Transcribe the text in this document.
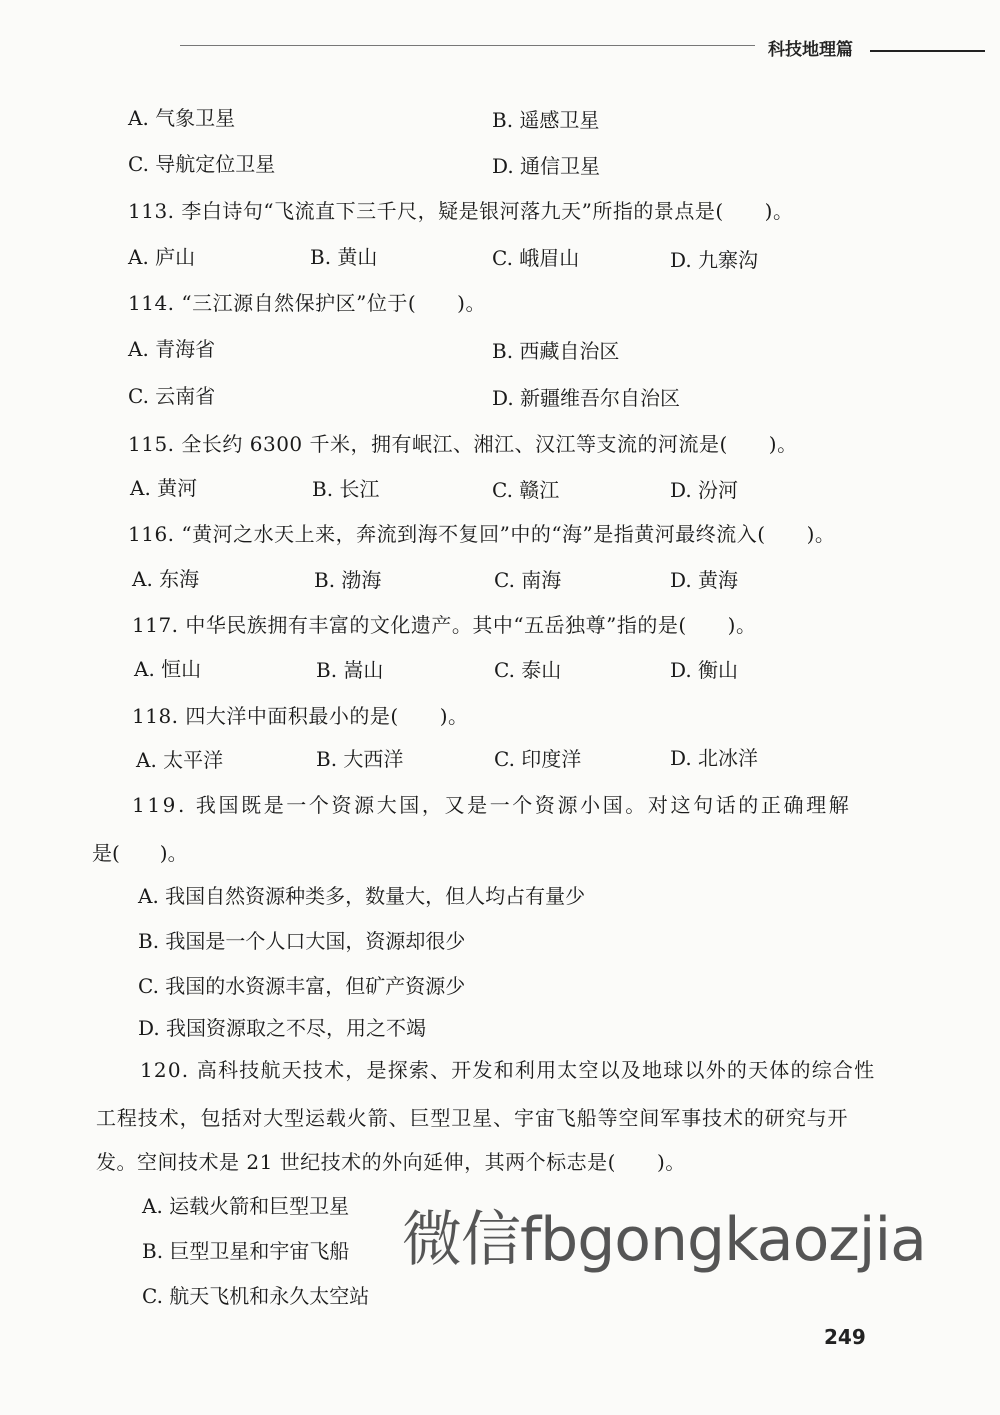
科技地理篇
A. 气象卫星	B. 遥感卫星
C. 导航定位卫星	D. 通信卫星
113. 李白诗句“飞流直下三千尺，疑是银河落九天”所指的景点是(　　)。
A. 庐山	B. 黄山	C. 峨眉山	D. 九寨沟
114. “三江源自然保护区”位于(　　)。
A. 青海省	B. 西藏自治区
C. 云南省	D. 新疆维吾尔自治区
115. 全长约 6300 千米，拥有岷江、湘江、汉江等支流的河流是(　　)。
A. 黄河	B. 长江	C. 赣江	D. 汾河
116. “黄河之水天上来，奔流到海不复回”中的“海”是指黄河最终流入(　　)。
A. 东海	B. 渤海	C. 南海	D. 黄海
117. 中华民族拥有丰富的文化遗产。其中“五岳独尊”指的是(　　)。
A. 恒山	B. 嵩山	C. 泰山	D. 衡山
118. 四大洋中面积最小的是(　　)。
A. 太平洋	B. 大西洋	C. 印度洋	D. 北冰洋
119. 我国既是一个资源大国，又是一个资源小国。对这句话的正确理解
是(　　)。
A. 我国自然资源种类多，数量大，但人均占有量少
B. 我国是一个人口大国，资源却很少
C. 我国的水资源丰富，但矿产资源少
D. 我国资源取之不尽，用之不竭
120. 高科技航天技术，是探索、开发和利用太空以及地球以外的天体的综合性
工程技术，包括对大型运载火箭、巨型卫星、宇宙飞船等空间军事技术的研究与开
发。空间技术是 21 世纪技术的外向延伸，其两个标志是(　　)。
A. 运载火箭和巨型卫星
B. 巨型卫星和宇宙飞船
C. 航天飞机和永久太空站
微信fbgongkaozjia
249
